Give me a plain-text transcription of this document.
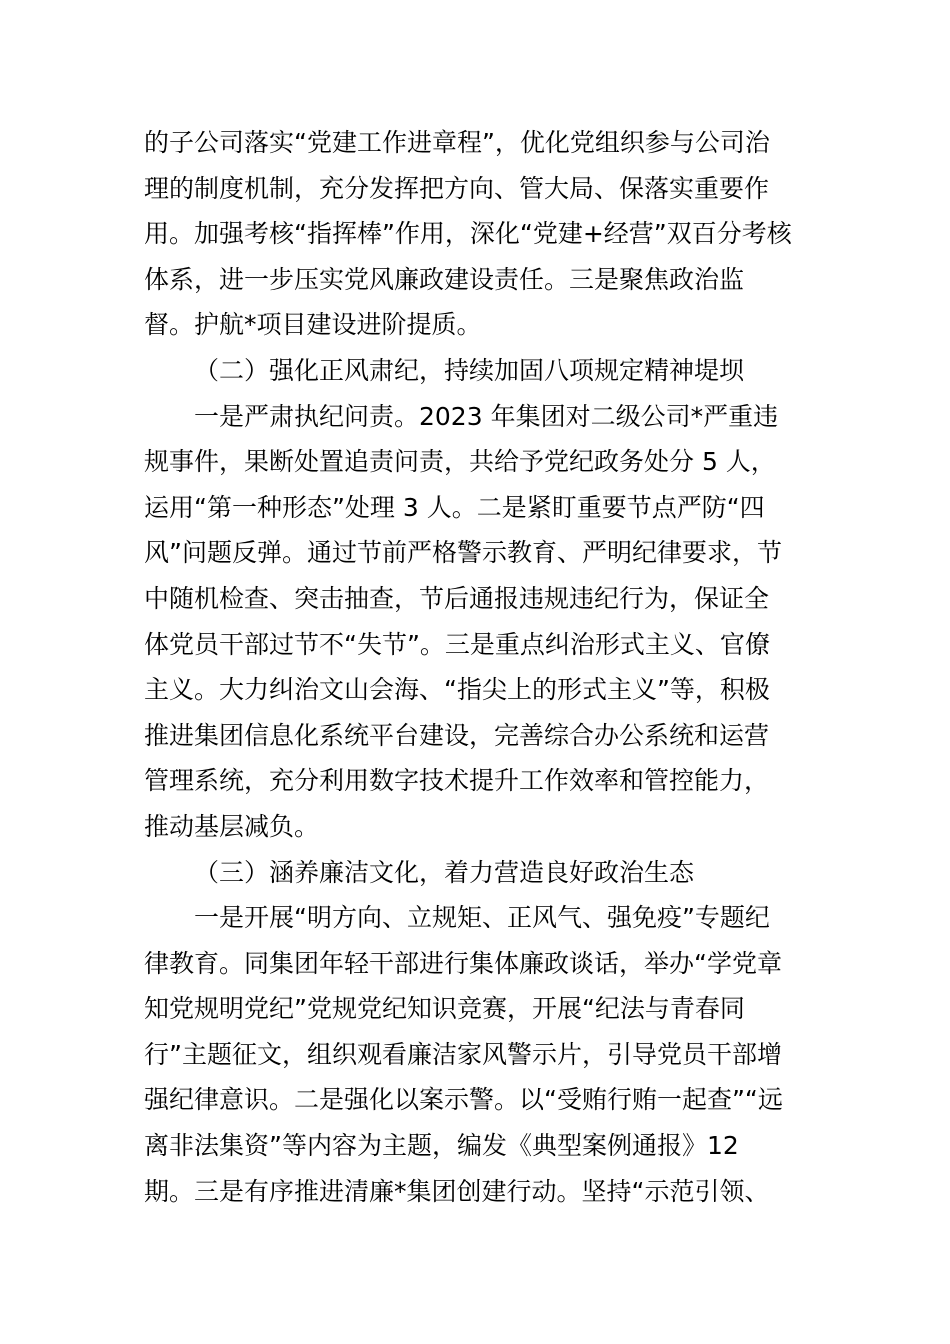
的子公司落实“党建工作进章程”，优化党组织参与公司治
理的制度机制，充分发挥把方向、管大局、保落实重要作
用。加强考核“指挥棒”作用，深化“党建+经营”双百分考核
体系，进一步压实党风廉政建设责任。三是聚焦政治监
督。护航*项目建设进阶提质。
（二）强化正风肃纪，持续加固八项规定精神堤坝
一是严肃执纪问责。2023 年集团对二级公司*严重违
规事件，果断处置追责问责，共给予党纪政务处分 5 人，
运用“第一种形态”处理 3 人。二是紧盯重要节点严防“四
风”问题反弹。通过节前严格警示教育、严明纪律要求，节
中随机检查、突击抽查，节后通报违规违纪行为，保证全
体党员干部过节不“失节”。三是重点纠治形式主义、官僚
主义。大力纠治文山会海、“指尖上的形式主义”等，积极
推进集团信息化系统平台建设，完善综合办公系统和运营
管理系统，充分利用数字技术提升工作效率和管控能力，
推动基层减负。
（三）涵养廉洁文化，着力营造良好政治生态
一是开展“明方向、立规矩、正风气、强免疫”专题纪
律教育。同集团年轻干部进行集体廉政谈话，举办“学党章
知党规明党纪”党规党纪知识竞赛，开展“纪法与青春同
行”主题征文，组织观看廉洁家风警示片，引导党员干部增
强纪律意识。二是强化以案示警。以“受贿行贿一起查”“远
离非法集资”等内容为主题，编发《典型案例通报》12
期。三是有序推进清廉*集团创建行动。坚持“示范引领、
